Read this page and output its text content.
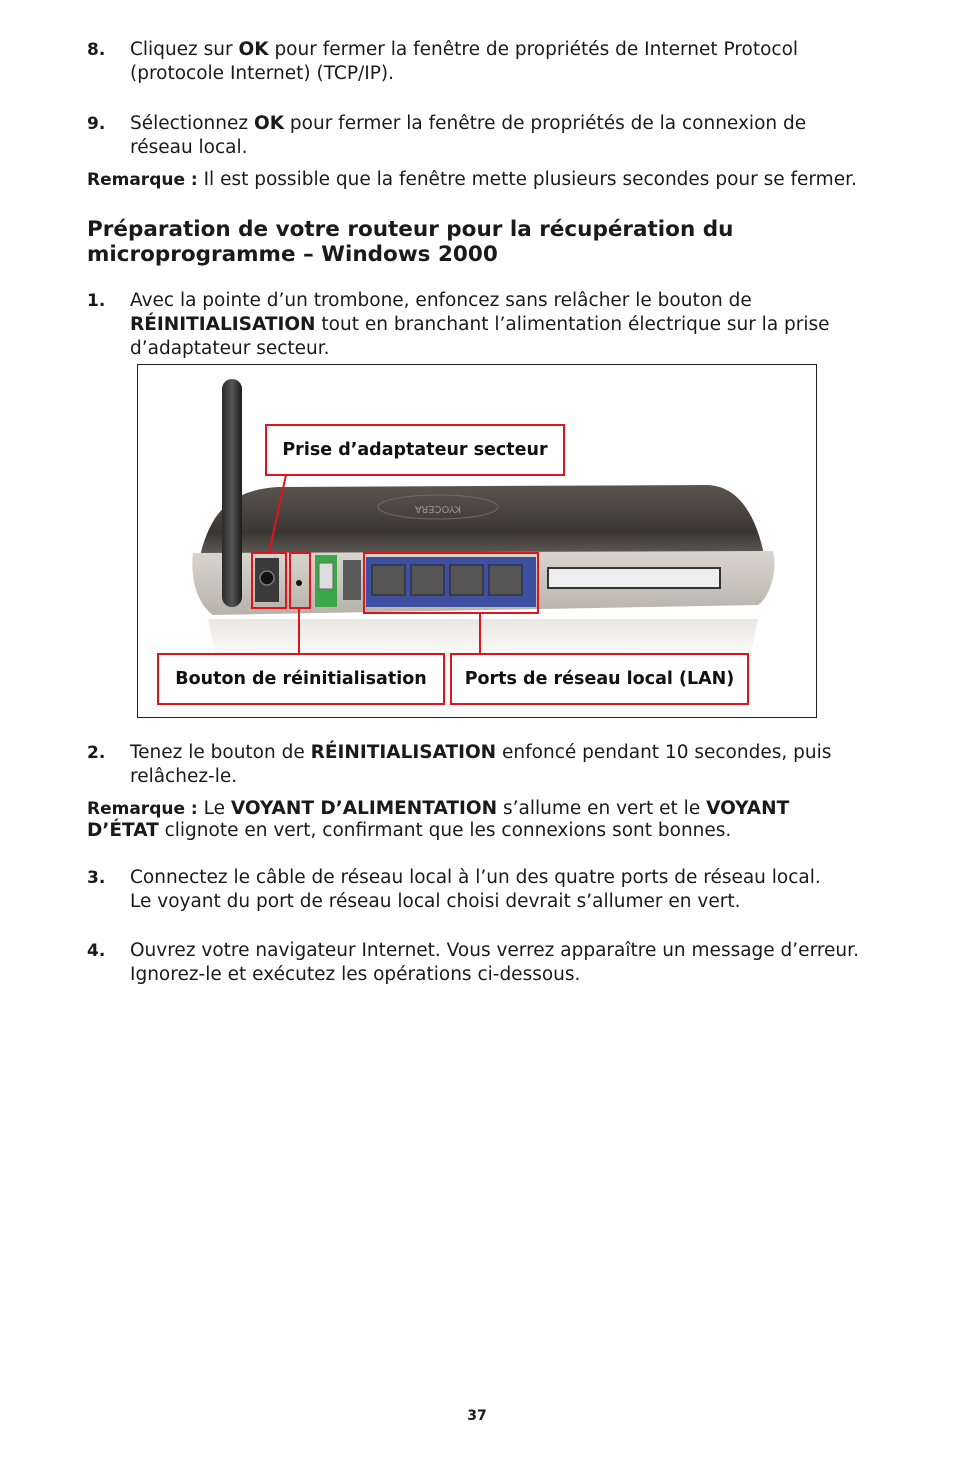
8. Cliquez sur OK pour fermer la fenêtre de propriétés de Internet Protocol (protocole Internet) (TCP/IP).
9. Sélectionnez OK pour fermer la fenêtre de propriétés de la connexion de réseau local.
Remarque : Il est possible que la fenêtre mette plusieurs secondes pour se fermer.
Préparation de votre routeur pour la récupération du microprogramme – Windows 2000
1. Avec la pointe d’un trombone, enfoncez sans relâcher le bouton de RÉINITIALISATION tout en branchant l’alimentation électrique sur la prise d’adaptateur secteur.
KYOCERA
Prise d’adaptateur secteur
Bouton de réinitialisation	Ports de réseau local (LAN)
2. Tenez le bouton de RÉINITIALISATION enfoncé pendant 10 secondes, puis relâchez-le.
Remarque : Le VOYANT D’ALIMENTATION s’allume en vert et le VOYANT D’ÉTAT clignote en vert, confirmant que les connexions sont bonnes.
3. Connectez le câble de réseau local à l’un des quatre ports de réseau local.
Le voyant du port de réseau local choisi devrait s’allumer en vert.
4. Ouvrez votre navigateur Internet. Vous verrez apparaître un message d’erreur. Ignorez-le et exécutez les opérations ci-dessous.
37
